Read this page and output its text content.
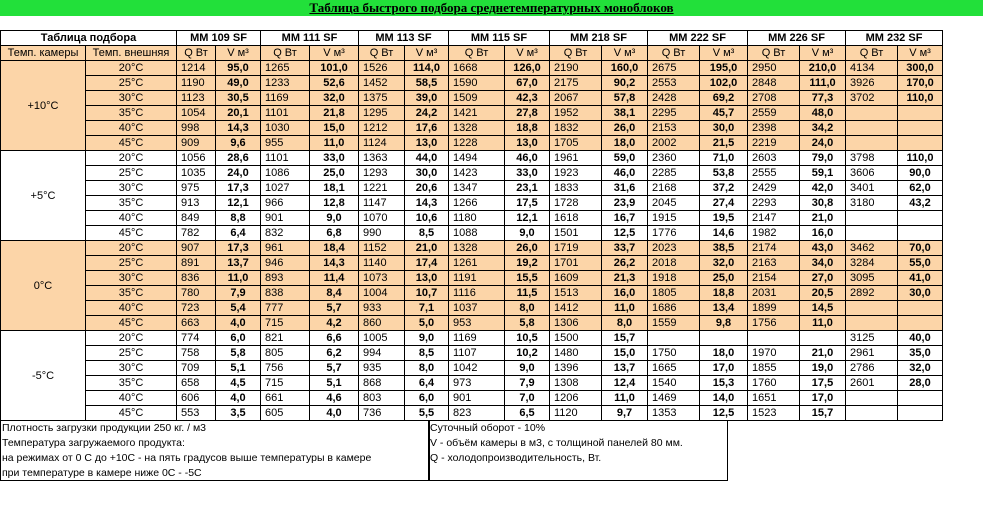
Таблица быстрого подбора среднетемпературных моноблоков
Таблица подбора		MM 109 SF		MM 111 SF		MM 113 SF		MM 115 SF		MM 218 SF		MM 222 SF		MM 226 SF		MM 232 SF	
Темп. камеры	Темп. внешняя	Q Вт	V м³	Q Вт	V м³	Q Вт	V м³	Q Вт	V м³	Q Вт	V м³	Q Вт	V м³	Q Вт	V м³	Q Вт	V м³
+10°C	20°C	1214	95,0	1265	101,0	1526	114,0	1668	126,0	2190	160,0	2675	195,0	2950	210,0	4134	300,0
	25°C	1190	49,0	1233	52,6	1452	58,5	1590	67,0	2175	90,2	2553	102,0	2848	111,0	3926	170,0
	30°C	1123	30,5	1169	32,0	1375	39,0	1509	42,3	2067	57,8	2428	69,2	2708	77,3	3702	110,0
	35°C	1054	20,1	1101	21,8	1295	24,2	1421	27,8	1952	38,1	2295	45,7	2559	48,0		
	40°C	998	14,3	1030	15,0	1212	17,6	1328	18,8	1832	26,0	2153	30,0	2398	34,2		
	45°C	909	9,6	955	11,0	1124	13,0	1228	13,0	1705	18,0	2002	21,5	2219	24,0		
+5°C	20°C	1056	28,6	1101	33,0	1363	44,0	1494	46,0	1961	59,0	2360	71,0	2603	79,0	3798	110,0
	25°C	1035	24,0	1086	25,0	1293	30,0	1423	33,0	1923	46,0	2285	53,8	2555	59,1	3606	90,0
	30°C	975	17,3	1027	18,1	1221	20,6	1347	23,1	1833	31,6	2168	37,2	2429	42,0	3401	62,0
	35°C	913	12,1	966	12,8	1147	14,3	1266	17,5	1728	23,9	2045	27,4	2293	30,8	3180	43,2
	40°C	849	8,8	901	9,0	1070	10,6	1180	12,1	1618	16,7	1915	19,5	2147	21,0		
	45°C	782	6,4	832	6,8	990	8,5	1088	9,0	1501	12,5	1776	14,6	1982	16,0		
0°C	20°C	907	17,3	961	18,4	1152	21,0	1328	26,0	1719	33,7	2023	38,5	2174	43,0	3462	70,0
	25°C	891	13,7	946	14,3	1140	17,4	1261	19,2	1701	26,2	2018	32,0	2163	34,0	3284	55,0
	30°C	836	11,0	893	11,4	1073	13,0	1191	15,5	1609	21,3	1918	25,0	2154	27,0	3095	41,0
	35°C	780	7,9	838	8,4	1004	10,7	1116	11,5	1513	16,0	1805	18,8	2031	20,5	2892	30,0
	40°C	723	5,4	777	5,7	933	7,1	1037	8,0	1412	11,0	1686	13,4	1899	14,5		
	45°C	663	4,0	715	4,2	860	5,0	953	5,8	1306	8,0	1559	9,8	1756	11,0		
-5°C	20°C	774	6,0	821	6,6	1005	9,0	1169	10,5	1500	15,7					3125	40,0
	25°C	758	5,8	805	6,2	994	8,5	1107	10,2	1480	15,0	1750	18,0	1970	21,0	2961	35,0
	30°C	709	5,1	756	5,7	935	8,0	1042	9,0	1396	13,7	1665	17,0	1855	19,0	2786	32,0
	35°C	658	4,5	715	5,1	868	6,4	973	7,9	1308	12,4	1540	15,3	1760	17,5	2601	28,0
	40°C	606	4,0	661	4,6	803	6,0	901	7,0	1206	11,0	1469	14,0	1651	17,0		
	45°C	553	3,5	605	4,0	736	5,5	823	6,5	1120	9,7	1353	12,5	1523	15,7		
Плотность загрузки продукции 250 кг. / м3
Температура загружаемого продукта:
на режимах от 0 С до +10С - на пять градусов выше температуры в камере
при температуре в камере ниже 0С - -5С
Суточный оборот - 10%
V - объём камеры в м3, с толщиной панелей 80 мм.
Q - холодопроизводительность, Вт.
